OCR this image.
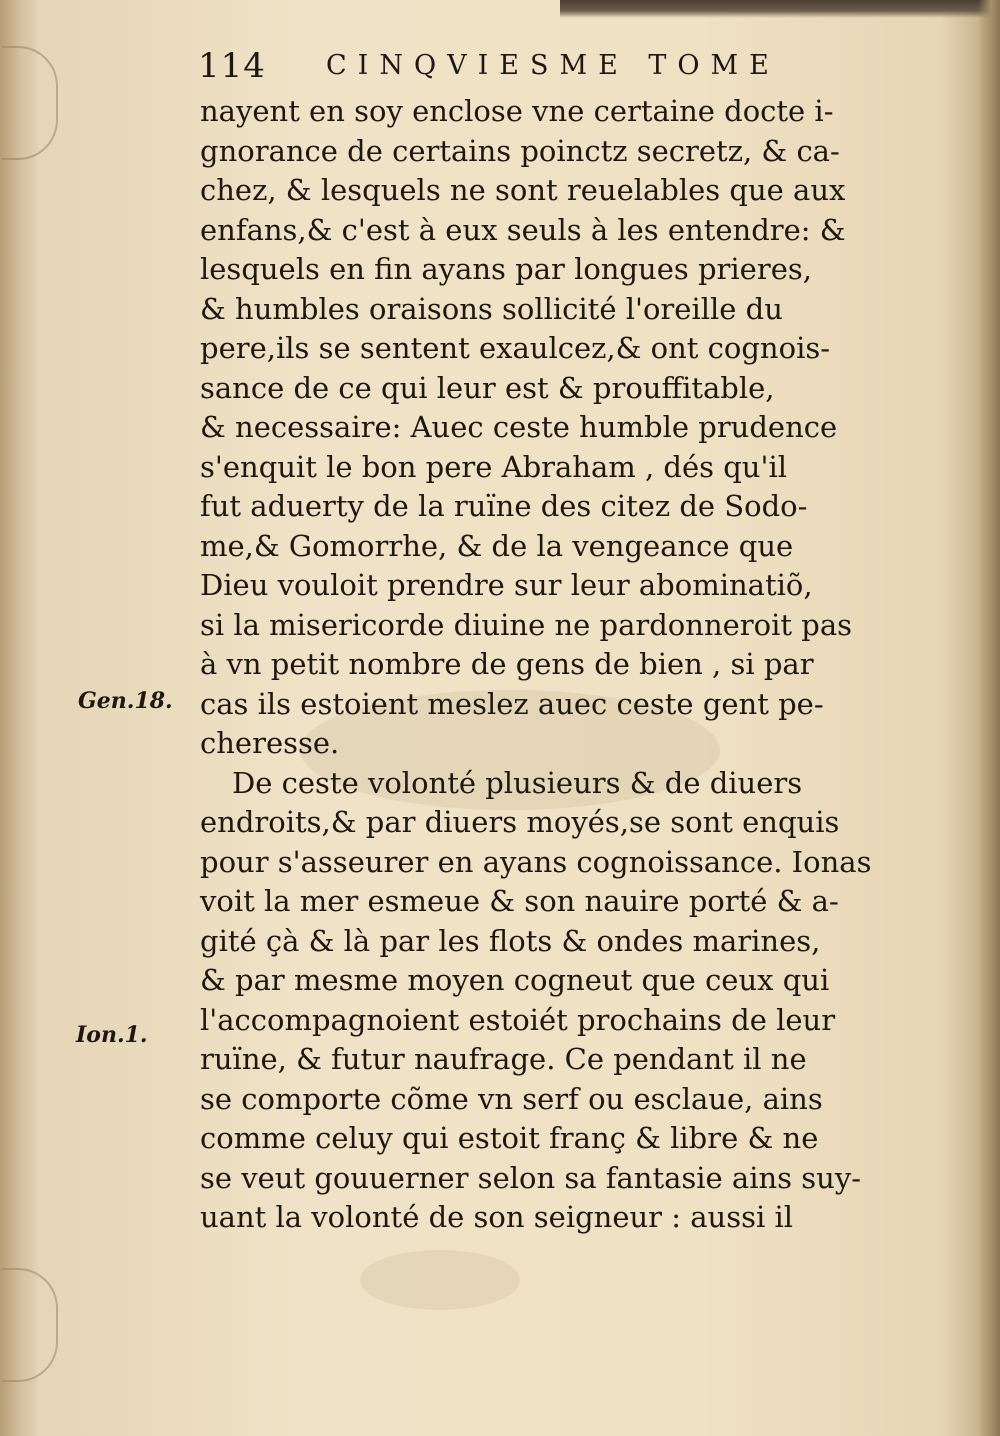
114 CINQVIESME TOME
nayent en soy enclose vne certaine docte i-
gnorance de certains poinctz secretz, & ca-
chez, & lesquels ne sont reuelables que aux
enfans,& c'est à eux seuls à les entendre: &
lesquels en fin ayans par longues prieres,
& humbles oraisons sollicité l'oreille du
pere,ils se sentent exaulcez,& ont cognois-
sance de ce qui leur est & prouffitable,
& necessaire: Auec ceste humble prudence
s'enquit le bon pere Abraham , dés qu'il
fut aduerty de la ruïne des citez de Sodo-
me,& Gomorrhe, & de la vengeance que
Dieu vouloit prendre sur leur abominatiõ,
si la misericorde diuine ne pardonneroit pas
à vn petit nombre de gens de bien , si par
cas ils estoient meslez auec ceste gent pe-
cheresse.
De ceste volonté plusieurs & de diuers
endroits,& par diuers moyés,se sont enquis
pour s'asseurer en ayans cognoissance. Ionas
voit la mer esmeue & son nauire porté & a-
gité çà & là par les flots & ondes marines,
& par mesme moyen cogneut que ceux qui
l'accompagnoient estoiét prochains de leur
ruïne, & futur naufrage. Ce pendant il ne
se comporte cõme vn serf ou esclaue, ains
comme celuy qui estoit franç & libre & ne
se veut gouuerner selon sa fantasie ains suy-
uant la volonté de son seigneur : aussi il
Gen.18.
Ion.1.
